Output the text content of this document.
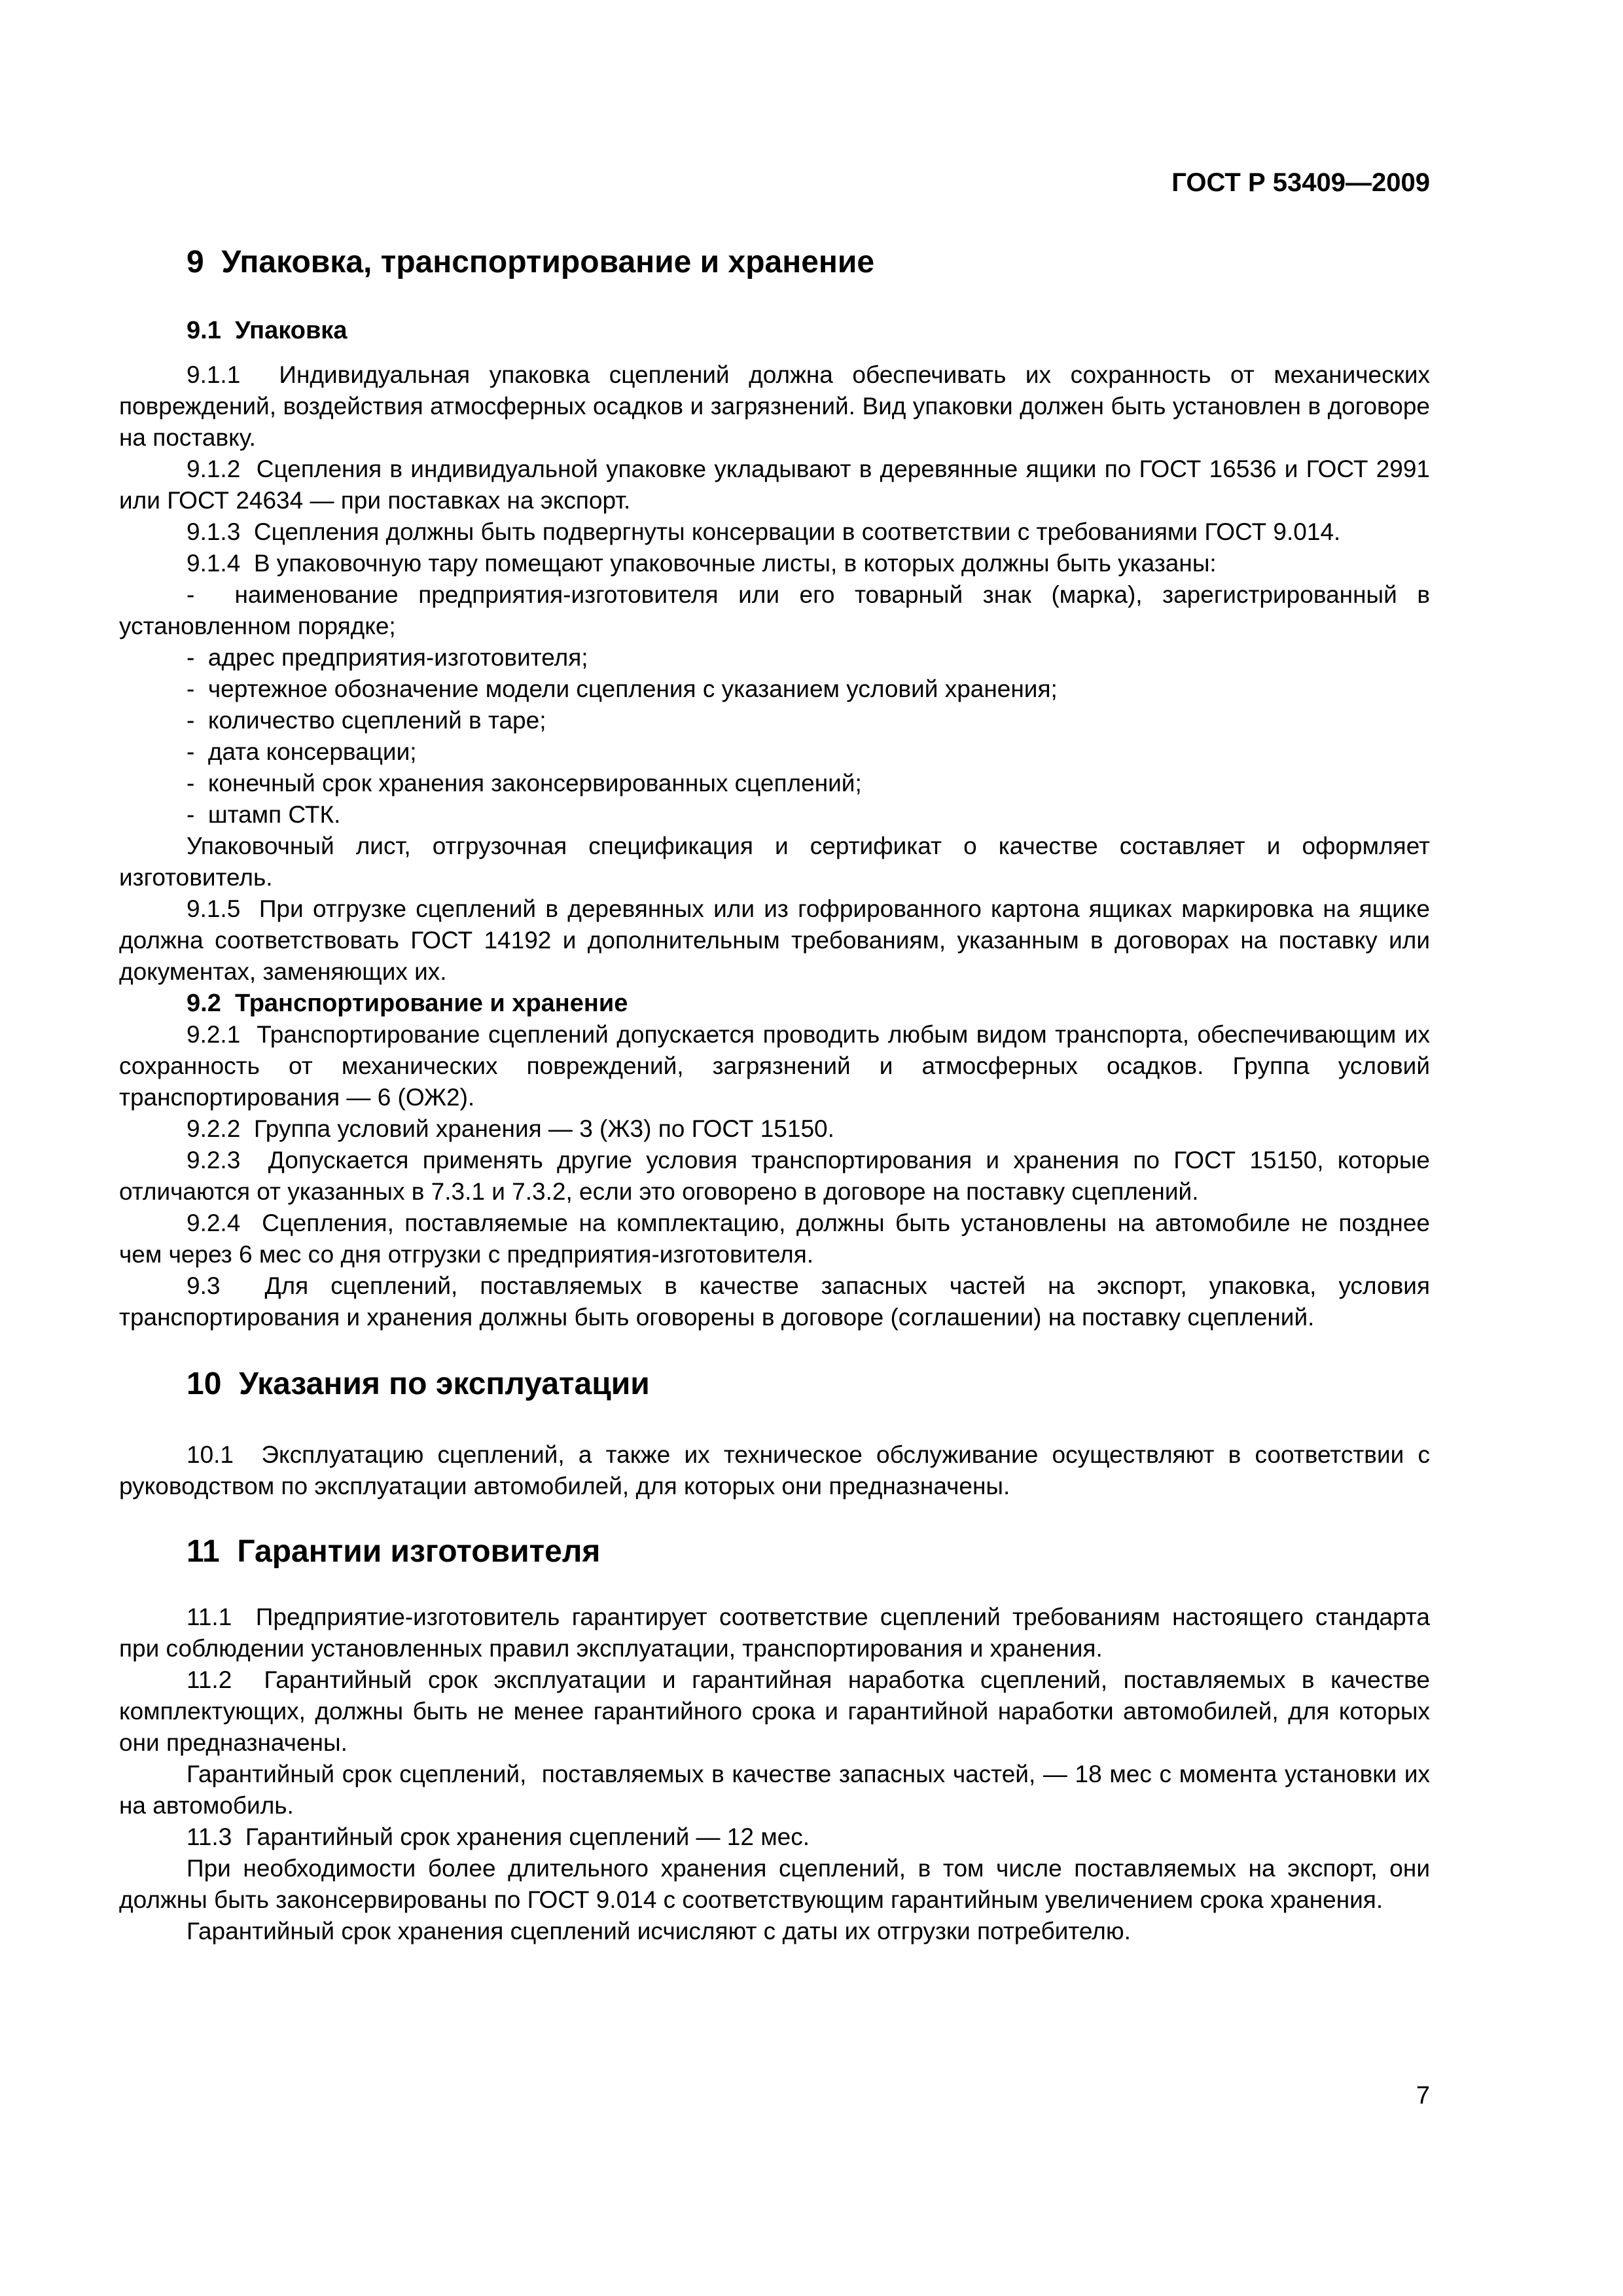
ГОСТ Р 53409—2009
9  Упаковка, транспортирование и хранение
9.1  Упаковка

9.1.1  Индивидуальная упаковка сцеплений должна обеспечивать их сохранность от механических повреждений, воздействия атмосферных осадков и загрязнений. Вид упаковки должен быть установлен в договоре на поставку.

9.1.2  Сцепления в индивидуальной упаковке укладывают в деревянные ящики по ГОСТ 16536 и ГОСТ 2991 или ГОСТ 24634 — при поставках на экспорт.

9.1.3  Сцепления должны быть подвергнуты консервации в соответствии с требованиями ГОСТ 9.014.

9.1.4  В упаковочную тару помещают упаковочные листы, в которых должны быть указаны:

-  наименование предприятия-изготовителя или его товарный знак (марка), зарегистрированный в установленном порядке;

-  адрес предприятия-изготовителя;

-  чертежное обозначение модели сцепления с указанием условий хранения;

-  количество сцеплений в таре;

-  дата консервации;

-  конечный срок хранения законсервированных сцеплений;

-  штамп СТК.

Упаковочный лист, отгрузочная спецификация и сертификат о качестве составляет и оформляет изготовитель.

9.1.5  При отгрузке сцеплений в деревянных или из гофрированного картона ящиках маркировка на ящике должна соответствовать ГОСТ 14192 и дополнительным требованиям, указанным в договорах на поставку или документах, заменяющих их.

9.2  Транспортирование и хранение

9.2.1  Транспортирование сцеплений допускается проводить любым видом транспорта, обеспечивающим их сохранность от механических повреждений, загрязнений и атмосферных осадков. Группа условий транспортирования — 6 (ОЖ2).

9.2.2  Группа условий хранения — 3 (Ж3) по ГОСТ 15150.

9.2.3  Допускается применять другие условия транспортирования и хранения по ГОСТ 15150, которые отличаются от указанных в 7.3.1 и 7.3.2, если это оговорено в договоре на поставку сцеплений.

9.2.4  Сцепления, поставляемые на комплектацию, должны быть установлены на автомобиле не позднее чем через 6 мес со дня отгрузки с предприятия-изготовителя.

9.3  Для сцеплений, поставляемых в качестве запасных частей на экспорт, упаковка, условия транспортирования и хранения должны быть оговорены в договоре (соглашении) на поставку сцеплений.

10  Указания по эксплуатации

10.1  Эксплуатацию сцеплений, а также их техническое обслуживание осуществляют в соответствии с руководством по эксплуатации автомобилей, для которых они предназначены.

11  Гарантии изготовителя

11.1  Предприятие-изготовитель гарантирует соответствие сцеплений требованиям настоящего стандарта при соблюдении установленных правил эксплуатации, транспортирования и хранения.

11.2  Гарантийный срок эксплуатации и гарантийная наработка сцеплений, поставляемых в качестве комплектующих, должны быть не менее гарантийного срока и гарантийной наработки автомобилей, для которых они предназначены.

Гарантийный срок сцеплений,  поставляемых в качестве запасных частей, — 18 мес с момента установки их на автомобиль.

11.3  Гарантийный срок хранения сцеплений — 12 мес.

При необходимости более длительного хранения сцеплений, в том числе поставляемых на экспорт, они должны быть законсервированы по ГОСТ 9.014 с соответствующим гарантийным увеличением срока хранения.

Гарантийный срок хранения сцеплений исчисляют с даты их отгрузки потребителю.

7
